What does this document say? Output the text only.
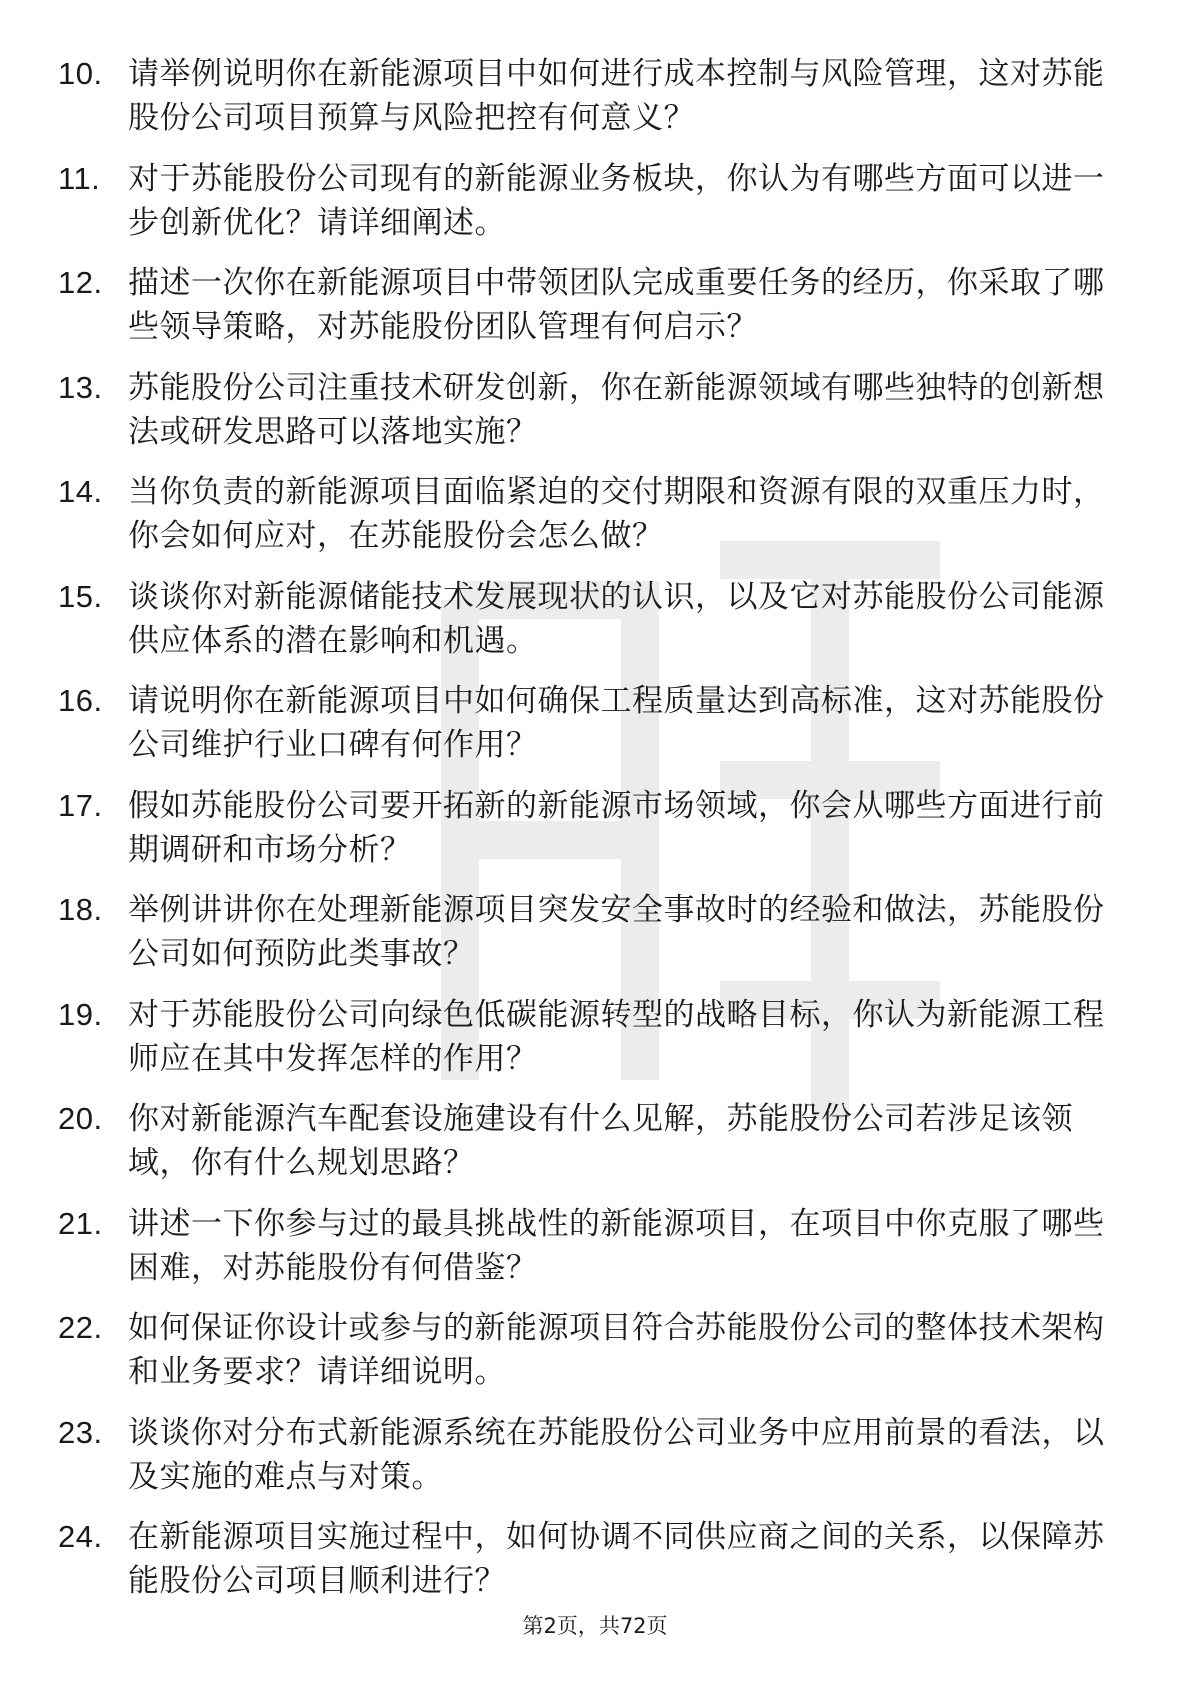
10. 请举例说明你在新能源项目中如何进行成本控制与风险管理，这对苏能股份公司项目预算与风险把控有何意义？
11. 对于苏能股份公司现有的新能源业务板块，你认为有哪些方面可以进一步创新优化？请详细阐述。
12. 描述一次你在新能源项目中带领团队完成重要任务的经历，你采取了哪些领导策略，对苏能股份团队管理有何启示？
13. 苏能股份公司注重技术研发创新，你在新能源领域有哪些独特的创新想法或研发思路可以落地实施？
14. 当你负责的新能源项目面临紧迫的交付期限和资源有限的双重压力时，你会如何应对，在苏能股份会怎么做？
15. 谈谈你对新能源储能技术发展现状的认识，以及它对苏能股份公司能源供应体系的潜在影响和机遇。
16. 请说明你在新能源项目中如何确保工程质量达到高标准，这对苏能股份公司维护行业口碑有何作用？
17. 假如苏能股份公司要开拓新的新能源市场领域，你会从哪些方面进行前期调研和市场分析？
18. 举例讲讲你在处理新能源项目突发安全事故时的经验和做法，苏能股份公司如何预防此类事故？
19. 对于苏能股份公司向绿色低碳能源转型的战略目标，你认为新能源工程师应在其中发挥怎样的作用？
20. 你对新能源汽车配套设施建设有什么见解，苏能股份公司若涉足该领域，你有什么规划思路？
21. 讲述一下你参与过的最具挑战性的新能源项目，在项目中你克服了哪些困难，对苏能股份有何借鉴？
22. 如何保证你设计或参与的新能源项目符合苏能股份公司的整体技术架构和业务要求？请详细说明。
23. 谈谈你对分布式新能源系统在苏能股份公司业务中应用前景的看法，以及实施的难点与对策。
24. 在新能源项目实施过程中，如何协调不同供应商之间的关系，以保障苏能股份公司项目顺利进行？
第2页，共72页
